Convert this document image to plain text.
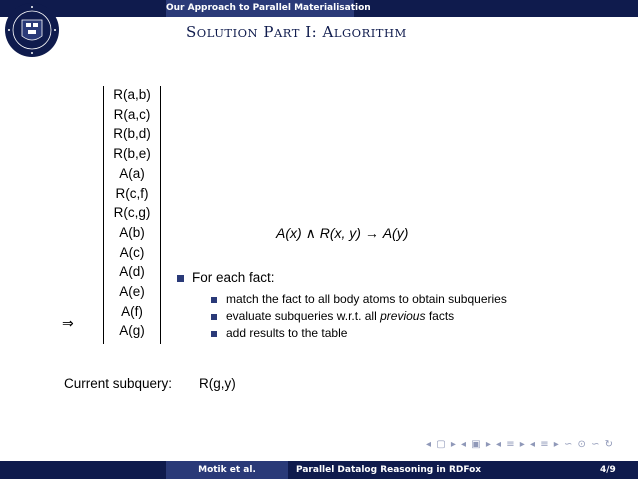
Our Approach to Parallel Materialisation
SOLUTION PART I: ALGORITHM
R(a,b)
R(a,c)
R(b,d)
R(b,e)
A(a)
R(c,f)
R(c,g)
A(b)
A(c)
A(d)
A(e)
A(f)
A(g)
⇒
A(x) ∧ R(x, y) → A(y)
For each fact:
match the fact to all body atoms to obtain subqueries
evaluate subqueries w.r.t. all previous facts
add results to the table
Current subquery: R(g,y)
◂ ▢ ▸ ◂ ▣ ▸ ◂ ≡ ▸ ◂ ≡ ▸ ∽ ⊙ ∽ ↻
Motik et al.	Parallel Datalog Reasoning in RDFox	4/9
